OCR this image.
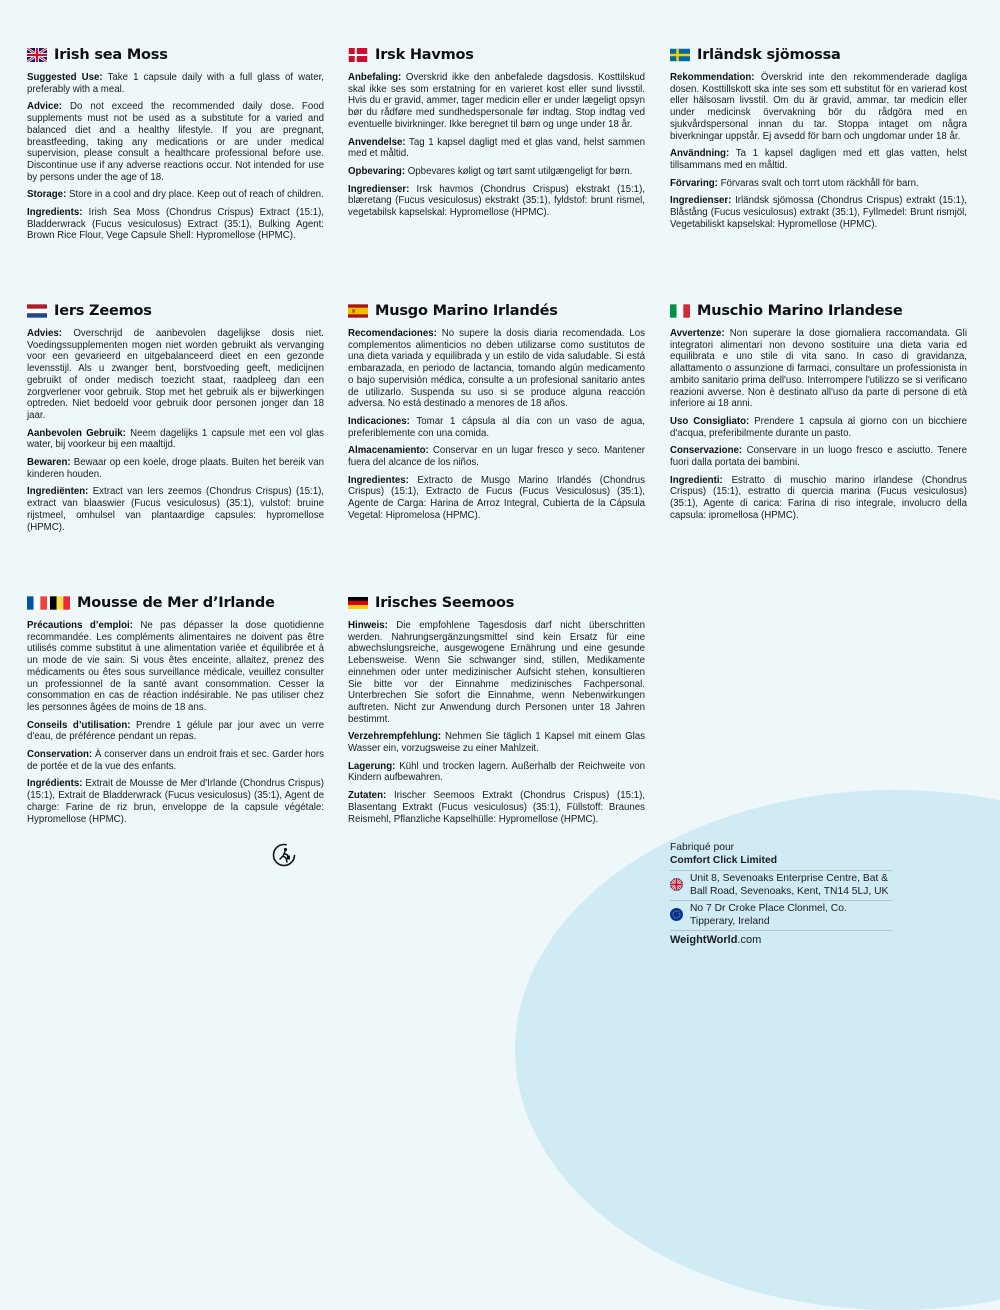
Irish sea Moss

Suggested Use: Take 1 capsule daily with a full glass of water, preferably with a meal.

Advice: Do not exceed the recommended daily dose. Food supplements must not be used as a substitute for a varied and balanced diet and a healthy lifestyle. If you are pregnant, breastfeeding, taking any medications or are under medical supervision, please consult a healthcare professional before use. Discontinue use if any adverse reactions occur. Not intended for use by persons under the age of 18.

Storage: Store in a cool and dry place. Keep out of reach of children.

Ingredients: Irish Sea Moss (Chondrus Crispus) Extract (15:1), Bladderwrack (Fucus vesiculosus) Extract (35:1), Bulking Agent: Brown Rice Flour, Vege Capsule Shell: Hypromellose (HPMC).

Irsk Havmos

Anbefaling: Overskrid ikke den anbefalede dagsdosis. Kosttilskud skal ikke ses som erstatning for en varieret kost eller sund livsstil. Hvis du er gravid, ammer, tager medicin eller er under lægeligt opsyn bør du rådføre med sundhedspersonale før indtag. Stop indtag ved eventuelle bivirkninger. Ikke beregnet til børn og unge under 18 år.

Anvendelse: Tag 1 kapsel dagligt med et glas vand, helst sammen med et måltid.

Opbevaring: Opbevares køligt og tørt samt utilgængeligt for børn.

Ingredienser: Irsk havmos (Chondrus Crispus) ekstrakt (15:1), blæretang (Fucus vesiculosus) ekstrakt (35:1), fyldstof: brunt rismel, vegetabilsk kapselskal: Hypromellose (HPMC).

Irländsk sjömossa

Rekommendation: Överskrid inte den rekommenderade dagliga dosen. Kosttillskott ska inte ses som ett substitut för en varierad kost eller hälsosam livsstil. Om du är gravid, ammar, tar medicin eller under medicinsk övervakning bör du rådgöra med en sjukvårdspersonal innan du tar. Stoppa intaget om några biverkningar uppstår. Ej avsedd för barn och ungdomar under 18 år.

Användning: Ta 1 kapsel dagligen med ett glas vatten, helst tillsammans med en måltid.

Förvaring: Förvaras svalt och torrt utom räckhåll för barn.

Ingredienser: Irländsk sjömossa (Chondrus Crispus) extrakt (15:1), Blåstång (Fucus vesiculosus) extrakt (35:1), Fyllmedel: Brunt rismjöl, Vegetabiliskt kapselskal: Hypromellose (HPMC).

Iers Zeemos

Advies: Overschrijd de aanbevolen dagelijkse dosis niet. Voedingssupplementen mogen niet worden gebruikt als vervanging voor een gevarieerd en uitgebalanceerd dieet en een gezonde levensstijl. Als u zwanger bent, borstvoeding geeft, medicijnen gebruikt of onder medisch toezicht staat, raadpleeg dan een zorgverlener voor gebruik. Stop met het gebruik als er bijwerkingen optreden. Niet bedoeld voor gebruik door personen jonger dan 18 jaar.

Aanbevolen Gebruik: Neem dagelijks 1 capsule met een vol glas water, bij voorkeur bij een maaltijd.

Bewaren: Bewaar op een koele, droge plaats. Buiten het bereik van kinderen houden.

Ingrediënten: Extract van Iers zeemos (Chondrus Crispus) (15:1), extract van blaaswier (Fucus vesiculosus) (35:1), vulstof: bruine rijstmeel, omhulsel van plantaardige capsules: hypromellose (HPMC).

Musgo Marino Irlandés

Recomendaciones: No supere la dosis diaria recomendada. Los complementos alimenticios no deben utilizarse como sustitutos de una dieta variada y equilibrada y un estilo de vida saludable. Si está embarazada, en periodo de lactancia, tomando algún medicamento o bajo supervisión médica, consulte a un profesional sanitario antes de utilizarlo. Suspenda su uso si se produce alguna reacción adversa. No está destinado a menores de 18 años.

Indicaciones: Tomar 1 cápsula al día con un vaso de agua, preferiblemente con una comida.

Almacenamiento: Conservar en un lugar fresco y seco. Mantener fuera del alcance de los niños.

Ingredientes: Extracto de Musgo Marino Irlandés (Chondrus Crispus) (15:1), Extracto de Fucus (Fucus Vesiculosus) (35:1), Agente de Carga: Harina de Arroz Integral, Cubierta de la Cápsula Vegetal: Hipromelosa (HPMC).

Muschio Marino Irlandese

Avvertenze: Non superare la dose giornaliera raccomandata. Gli integratori alimentari non devono sostituire una dieta varia ed equilibrata e uno stile di vita sano. In caso di gravidanza, allattamento o assunzione di farmaci, consultare un professionista in ambito sanitario prima dell'uso. Interrompere l'utilizzo se si verificano reazioni avverse. Non è destinato all'uso da parte di persone di età inferiore ai 18 anni.

Uso Consigliato: Prendere 1 capsula al giorno con un bicchiere d'acqua, preferibilmente durante un pasto.

Conservazione: Conservare in un luogo fresco e asciutto. Tenere fuori dalla portata dei bambini.

Ingredienti: Estratto di muschio marino irlandese (Chondrus Crispus) (15:1), estratto di quercia marina (Fucus vesiculosus) (35:1), Agente di carica: Farina di riso integrale, involucro della capsula: ipromellosa (HPMC).

Mousse de Mer d’Irlande

Précautions d’emploi: Ne pas dépasser la dose quotidienne recommandée. Les compléments alimentaires ne doivent pas être utilisés comme substitut à une alimentation variée et équilibrée et à un mode de vie sain. Si vous êtes enceinte, allaitez, prenez des médicaments ou êtes sous surveillance médicale, veuillez consulter un professionnel de la santé avant consommation. Cesser la consommation en cas de réaction indésirable. Ne pas utiliser chez les personnes âgées de moins de 18 ans.

Conseils d’utilisation: Prendre 1 gélule par jour avec un verre d'eau, de préférence pendant un repas.

Conservation: À conserver dans un endroit frais et sec. Garder hors de portée et de la vue des enfants.

Ingrédients: Extrait de Mousse de Mer d'Irlande (Chondrus Crispus) (15:1), Extrait de Bladderwrack (Fucus vesiculosus) (35:1), Agent de charge: Farine de riz brun, enveloppe de la capsule végétale: Hypromellose (HPMC).

Irisches Seemoos

Hinweis: Die empfohlene Tagesdosis darf nicht überschritten werden. Nahrungsergänzungsmittel sind kein Ersatz für eine abwechslungsreiche, ausgewogene Ernährung und eine gesunde Lebensweise. Wenn Sie schwanger sind, stillen, Medikamente einnehmen oder unter medizinischer Aufsicht stehen, konsultieren Sie bitte vor der Einnahme medizinisches Fachpersonal. Unterbrechen Sie sofort die Einnahme, wenn Nebenwirkungen auftreten. Nicht zur Anwendung durch Personen unter 18 Jahren bestimmt.

Verzehrempfehlung: Nehmen Sie täglich 1 Kapsel mit einem Glas Wasser ein, vorzugsweise zu einer Mahlzeit.

Lagerung: Kühl und trocken lagern. Außerhalb der Reichweite von Kindern aufbewahren.

Zutaten: Irischer Seemoos Extrakt (Chondrus Crispus) (15:1), Blasentang Extrakt (Fucus vesiculosus) (35:1), Füllstoff: Braunes Reismehl, Pflanzliche Kapselhülle: Hypromellose (HPMC).

Fabriqué pour
Comfort Click Limited
Unit 8, Sevenoaks Enterprise Centre, Bat & Ball Road, Sevenoaks, Kent, TN14 5LJ, UK
No 7 Dr Croke Place Clonmel, Co. Tipperary, Ireland
WeightWorld.com
